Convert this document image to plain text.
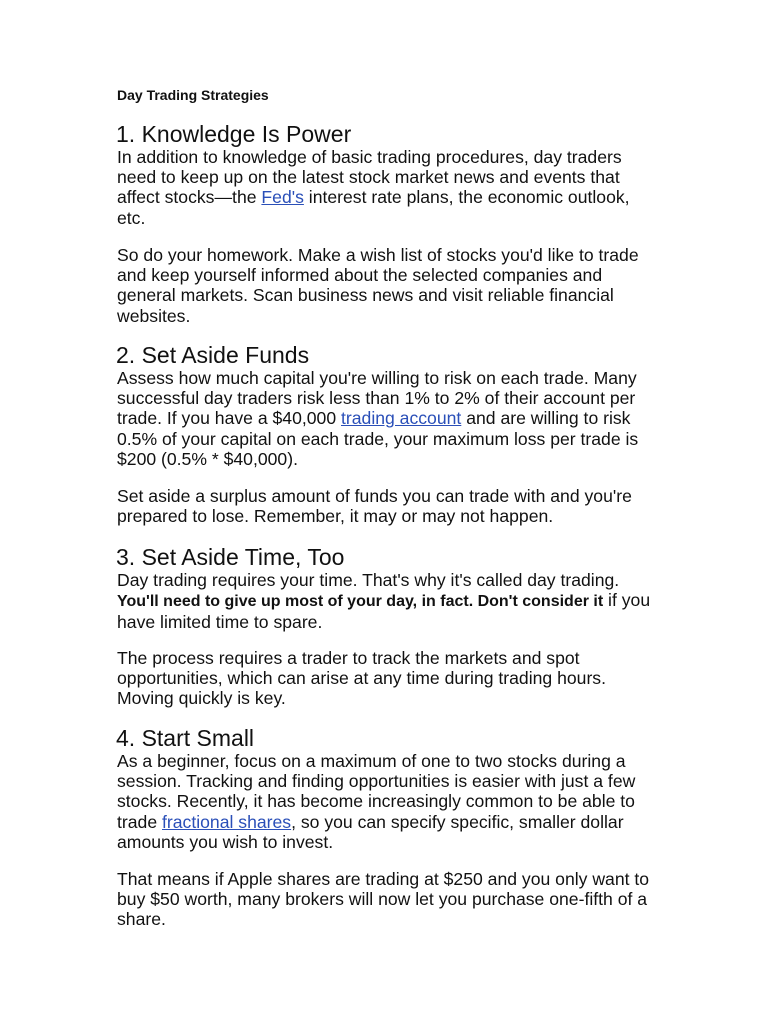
Day Trading Strategies
1. Knowledge Is Power
In addition to knowledge of basic trading procedures, day traders need to keep up on the latest stock market news and events that affect stocks—the Fed's interest rate plans, the economic outlook, etc.
So do your homework. Make a wish list of stocks you'd like to trade and keep yourself informed about the selected companies and general markets. Scan business news and visit reliable financial websites.
2. Set Aside Funds
Assess how much capital you're willing to risk on each trade. Many successful day traders risk less than 1% to 2% of their account per trade. If you have a $40,000 trading account and are willing to risk 0.5% of your capital on each trade, your maximum loss per trade is $200 (0.5% * $40,000).
Set aside a surplus amount of funds you can trade with and you're prepared to lose. Remember, it may or may not happen.
3. Set Aside Time, Too
Day trading requires your time. That's why it's called day trading. You'll need to give up most of your day, in fact. Don't consider it if you have limited time to spare.
The process requires a trader to track the markets and spot opportunities, which can arise at any time during trading hours. Moving quickly is key.
4. Start Small
As a beginner, focus on a maximum of one to two stocks during a session. Tracking and finding opportunities is easier with just a few stocks. Recently, it has become increasingly common to be able to trade fractional shares, so you can specify specific, smaller dollar amounts you wish to invest.
That means if Apple shares are trading at $250 and you only want to buy $50 worth, many brokers will now let you purchase one-fifth of a share.
